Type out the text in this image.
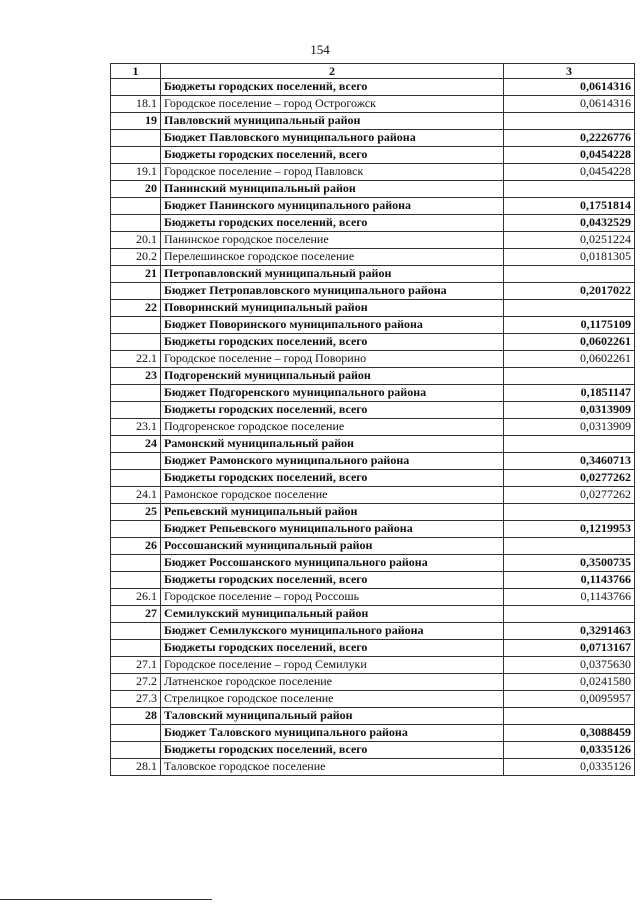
154
1	2	3
	Бюджеты городских поселений, всего	0,0614316
18.1	Городское поселение – город Острогожск	0,0614316
19	Павловский муниципальный район	
	Бюджет Павловского муниципального района	0,2226776
	Бюджеты городских поселений, всего	0,0454228
19.1	Городское поселение – город Павловск	0,0454228
20	Панинский муниципальный район	
	Бюджет Панинского муниципального района	0,1751814
	Бюджеты городских поселений, всего	0,0432529
20.1	Панинское городское поселение	0,0251224
20.2	Перелешинское городское поселение	0,0181305
21	Петропавловский муниципальный район	
	Бюджет Петропавловского муниципального района	0,2017022
22	Поворинский муниципальный район	
	Бюджет Поворинского муниципального района	0,1175109
	Бюджеты городских поселений, всего	0,0602261
22.1	Городское поселение – город Поворино	0,0602261
23	Подгоренский муниципальный район	
	Бюджет Подгоренского муниципального района	0,1851147
	Бюджеты городских поселений, всего	0,0313909
23.1	Подгоренское городское поселение	0,0313909
24	Рамонский муниципальный район	
	Бюджет Рамонского муниципального района	0,3460713
	Бюджеты городских поселений, всего	0,0277262
24.1	Рамонское городское поселение	0,0277262
25	Репьевский муниципальный район	
	Бюджет Репьевского муниципального района	0,1219953
26	Россошанский муниципальный район	
	Бюджет Россошанского муниципального района	0,3500735
	Бюджеты городских поселений, всего	0,1143766
26.1	Городское поселение – город Россошь	0,1143766
27	Семилукский муниципальный район	
	Бюджет Семилукского муниципального района	0,3291463
	Бюджеты городских поселений, всего	0,0713167
27.1	Городское поселение – город Семилуки	0,0375630
27.2	Латненское городское поселение	0,0241580
27.3	Стрелицкое городское поселение	0,0095957
28	Таловский муниципальный район	
	Бюджет Таловского муниципального района	0,3088459
	Бюджеты городских поселений, всего	0,0335126
28.1	Таловское городское поселение	0,0335126
